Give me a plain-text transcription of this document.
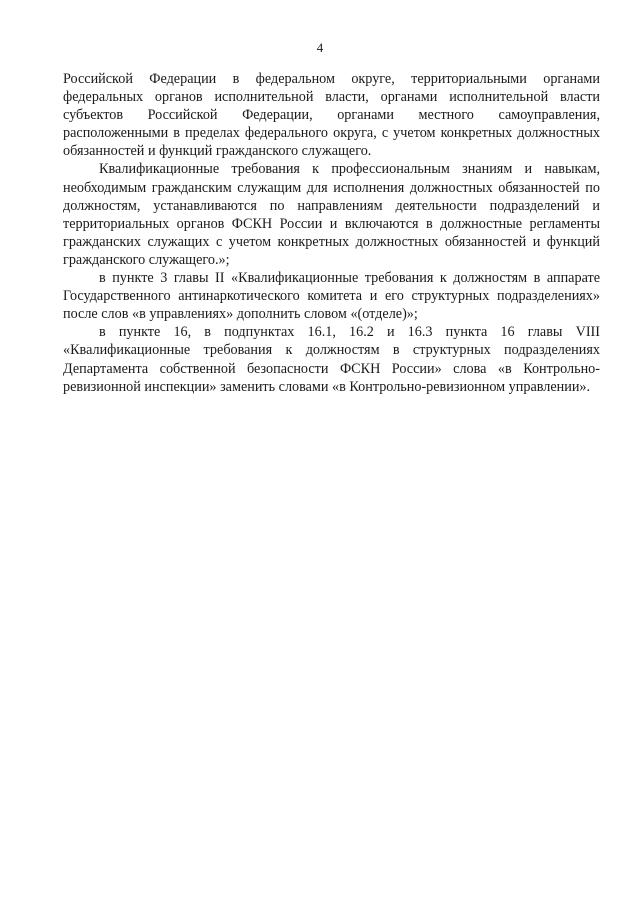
4

Российской Федерации в федеральном округе, территориальными органами федеральных органов исполнительной власти, органами исполнительной власти субъектов Российской Федерации, органами местного самоуправления, расположенными в пределах федерального округа, с учетом конкретных должностных обязанностей и функций гражданского служащего.

Квалификационные требования к профессиональным знаниям и навыкам, необходимым гражданским служащим для исполнения должностных обязанностей по должностям, устанавливаются по направлениям деятельности подразделений и территориальных органов ФСКН России и включаются в должностные регламенты гражданских служащих с учетом конкретных должностных обязанностей и функций гражданского служащего.»;

в пункте 3 главы II «Квалификационные требования к должностям в аппарате Государственного антинаркотического комитета и его структурных подразделениях» после слов «в управлениях» дополнить словом «(отделе)»;

в пункте 16, в подпунктах 16.1, 16.2 и 16.3 пункта 16 главы VIII «Квалификационные требования к должностям в структурных подразделениях Департамента собственной безопасности ФСКН России» слова «в Контрольно-ревизионной инспекции» заменить словами «в Контрольно-ревизионном управлении».
